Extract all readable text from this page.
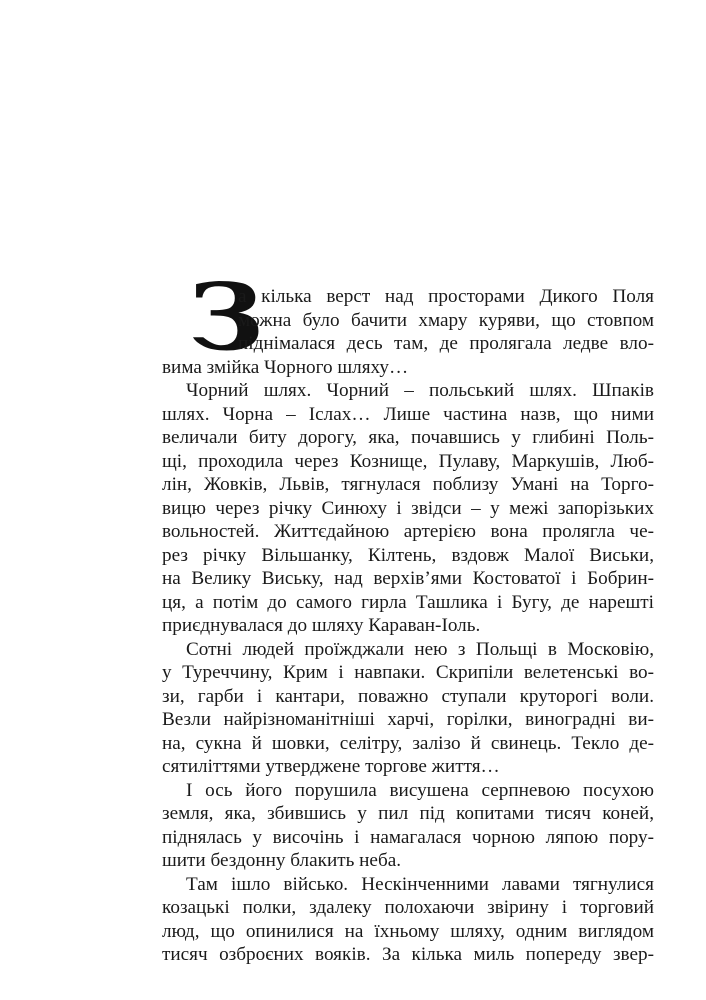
З
а кілька верст над просторами Дикого Поля
можна було бачити хмару куряви, що стовпом
піднімалася десь там, де пролягала ледве вло-
вима змійка Чорного шляху…
Чорний шлях. Чорний – польський шлях. Шпаків
шлях. Чорна – Іслах… Лише частина назв, що ними
величали биту дорогу, яка, почавшись у глибині Поль-
щі, проходила через Кознище, Пулаву, Маркушів, Люб-
лін, Жовків, Львів, тягнулася поблизу Умані на Торго-
вицю через річку Синюху і звідси – у межі запорізьких
вольностей. Життєдайною артерією вона пролягла че-
рез річку Вільшанку, Кілтень, вздовж Малої Виськи,
на Велику Виську, над верхів’ями Костоватої і Бобрин-
ця, а потім до самого гирла Ташлика і Бугу, де нарешті
приєднувалася до шляху Караван-Іоль.
Сотні людей проїжджали нею з Польщі в Московію,
у Туреччину, Крим і навпаки. Скрипіли велетенські во-
зи, гарби і кантари, поважно ступали круторогі воли.
Везли найрізноманітніші харчі, горілки, виноградні ви-
на, сукна й шовки, селітру, залізо й свинець. Текло де-
сятиліттями утверджене торгове життя…
І ось його порушила висушена серпневою посухою
земля, яка, збившись у пил під копитами тисяч коней,
піднялась у височінь і намагалася чорною ляпою пору-
шити бездонну блакить неба.
Там ішло військо. Нескінченними лавами тягнулися
козацькі полки, здалеку полохаючи звірину і торговий
люд, що опинилися на їхньому шляху, одним виглядом
тисяч озброєних вояків. За кілька миль попереду звер-
